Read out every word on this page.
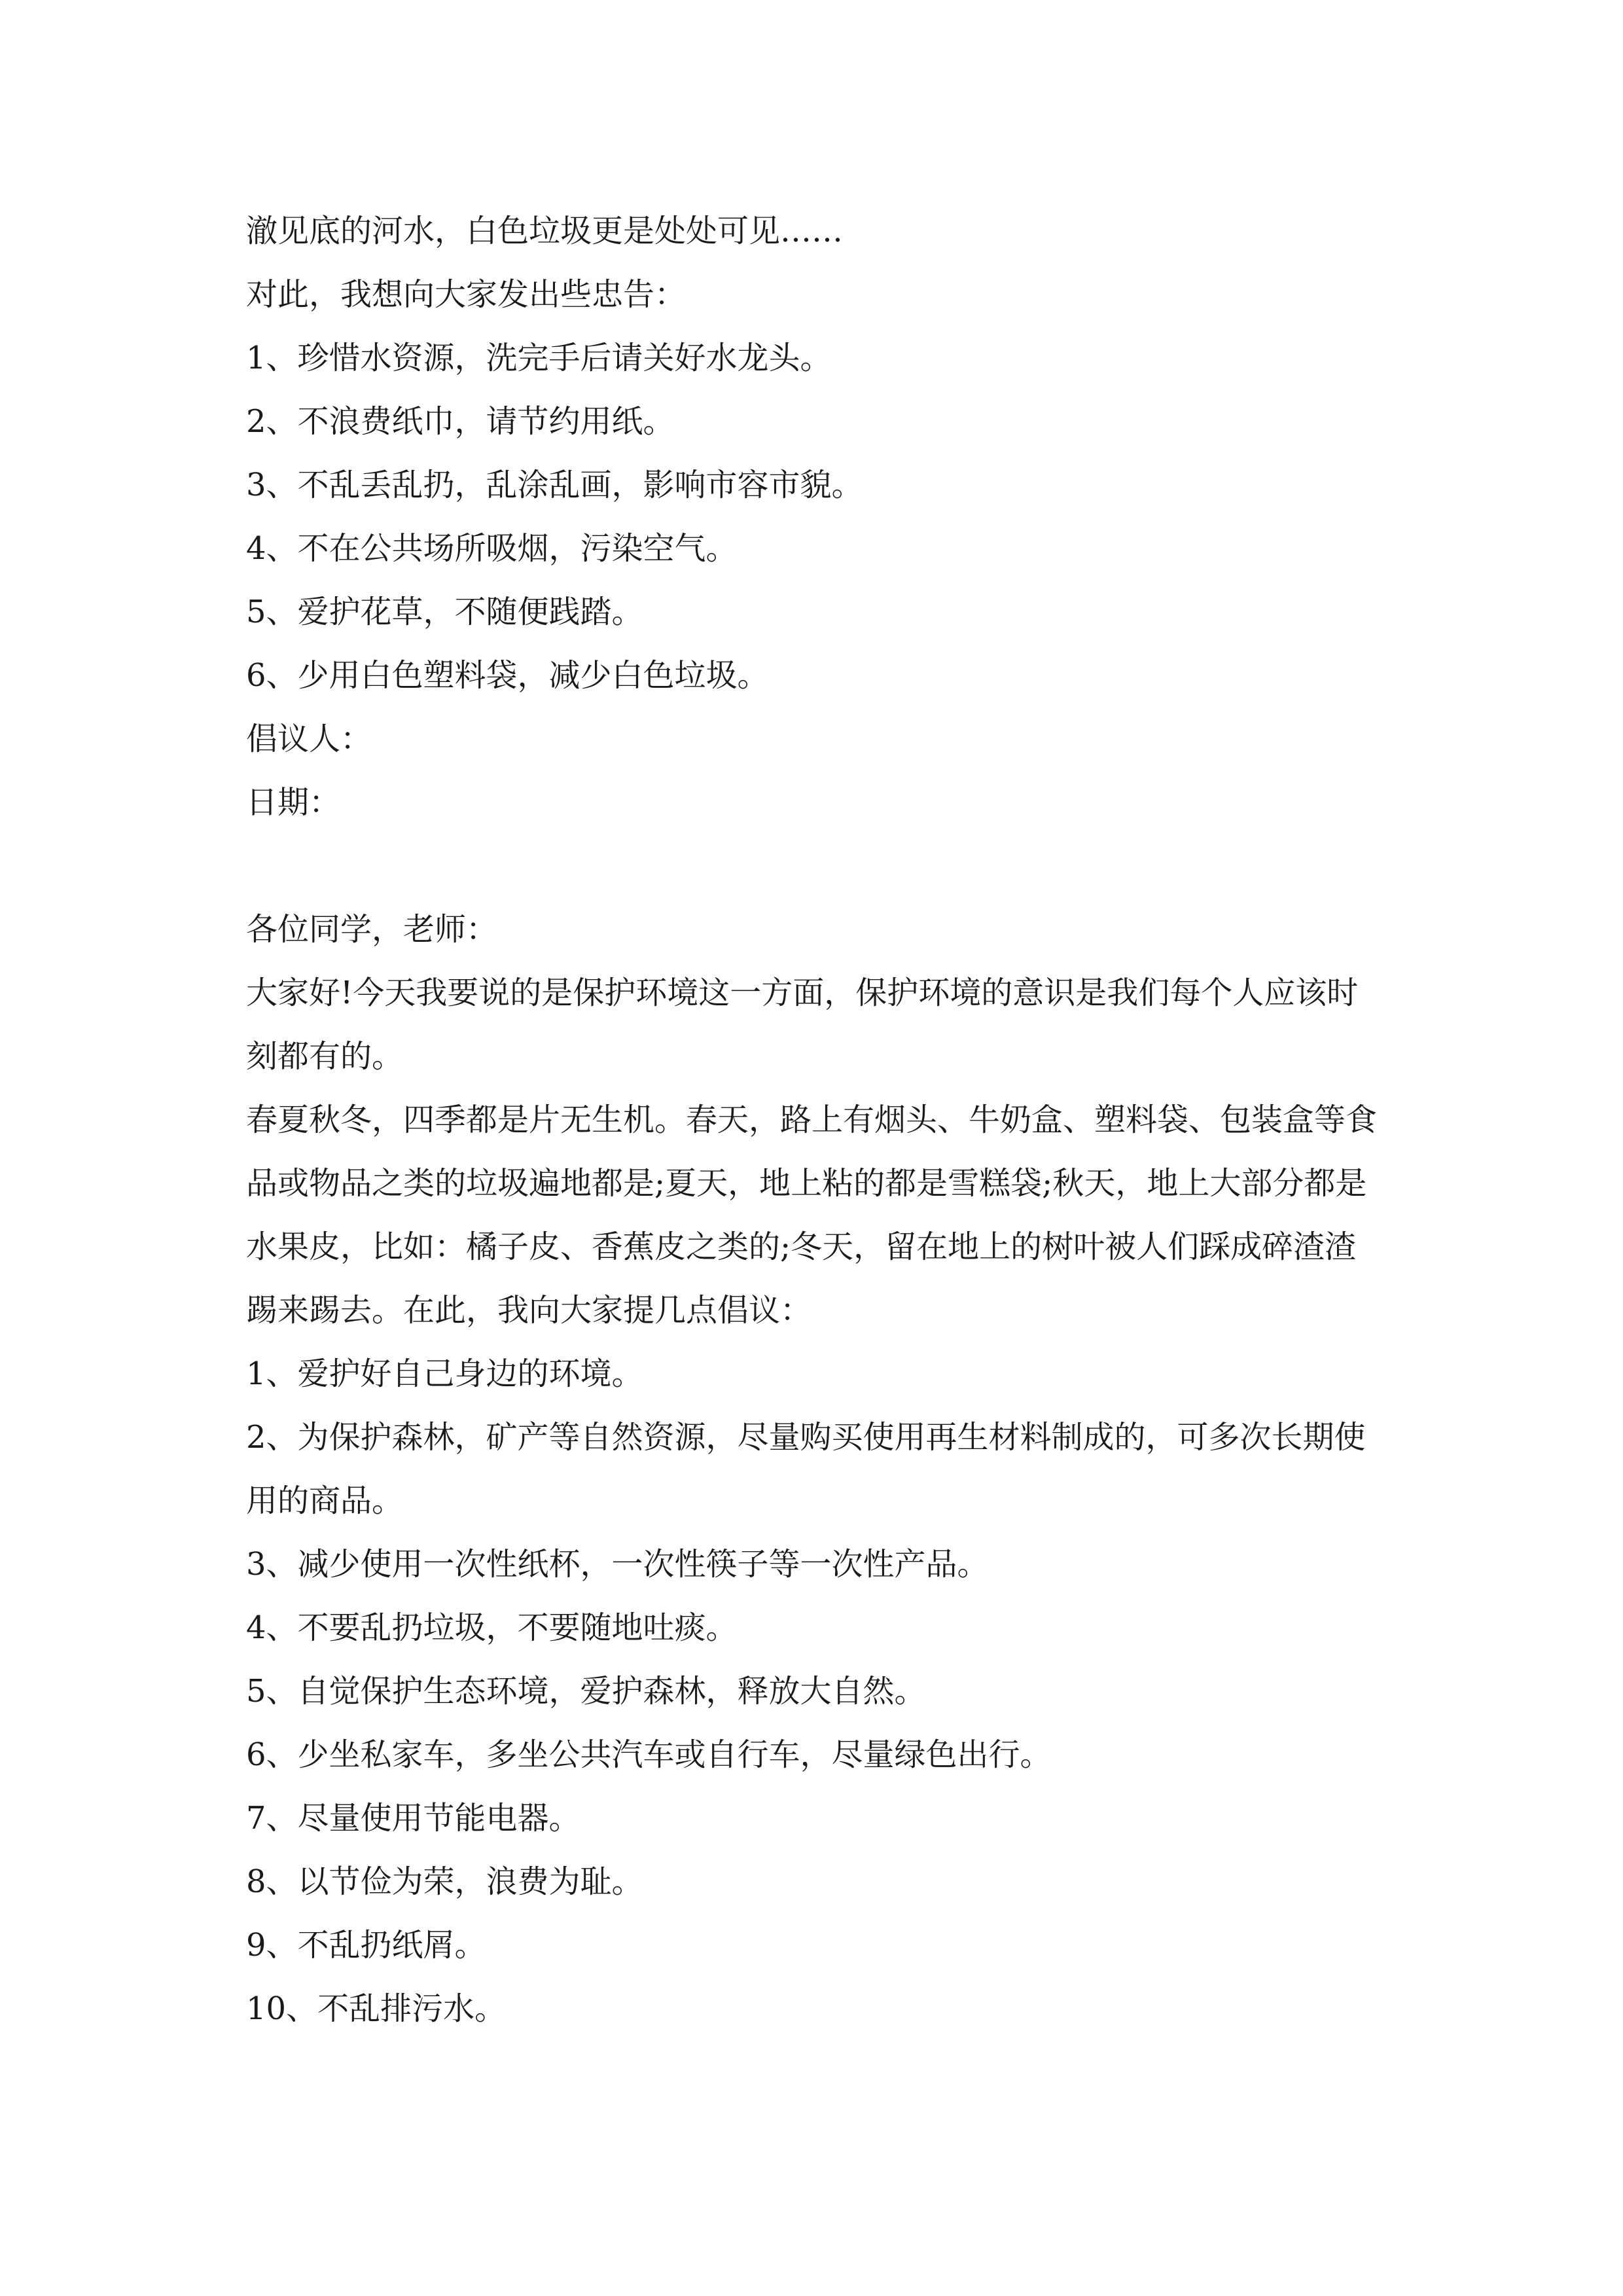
澈见底的河水，白色垃圾更是处处可见……

对此，我想向大家发出些忠告：

1、珍惜水资源，洗完手后请关好水龙头。

2、不浪费纸巾，请节约用纸。

3、不乱丢乱扔，乱涂乱画，影响市容市貌。

4、不在公共场所吸烟，污染空气。

5、爱护花草，不随便践踏。

6、少用白色塑料袋，减少白色垃圾。

倡议人：

日期：

各位同学，老师：

大家好!今天我要说的是保护环境这一方面，保护环境的意识是我们每个人应该时刻都有的。

春夏秋冬，四季都是片无生机。春天，路上有烟头、牛奶盒、塑料袋、包装盒等食品或物品之类的垃圾遍地都是;夏天，地上粘的都是雪糕袋;秋天，地上大部分都是水果皮，比如：橘子皮、香蕉皮之类的;冬天，留在地上的树叶被人们踩成碎渣渣踢来踢去。在此，我向大家提几点倡议：

1、爱护好自己身边的环境。

2、为保护森林，矿产等自然资源，尽量购买使用再生材料制成的，可多次长期使用的商品。

3、减少使用一次性纸杯，一次性筷子等一次性产品。

4、不要乱扔垃圾，不要随地吐痰。

5、自觉保护生态环境，爱护森林，释放大自然。

6、少坐私家车，多坐公共汽车或自行车，尽量绿色出行。

7、尽量使用节能电器。

8、以节俭为荣，浪费为耻。

9、不乱扔纸屑。

10、不乱排污水。
